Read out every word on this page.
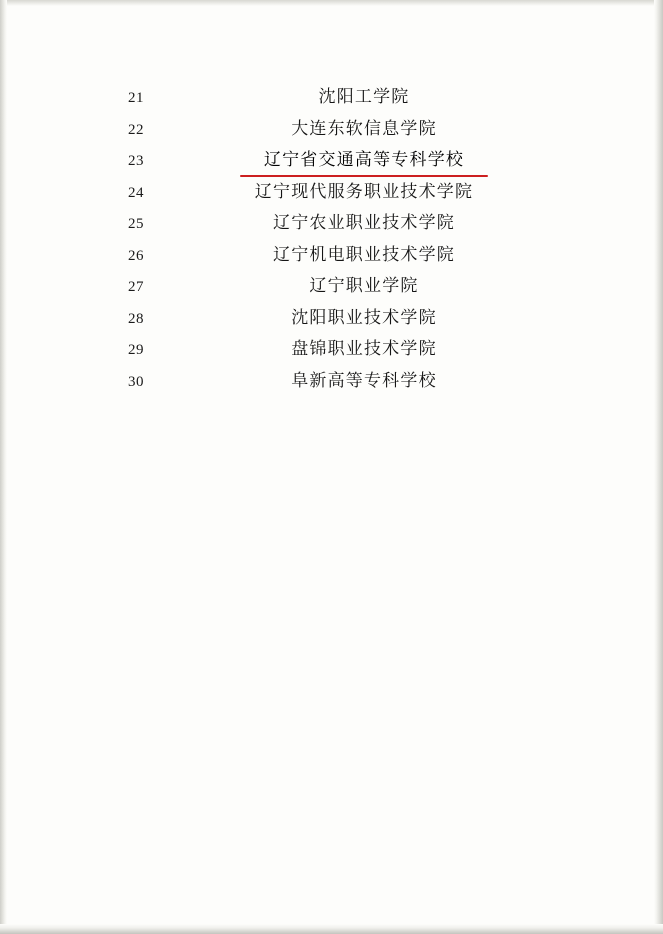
21	沈阳工学院
22	大连东软信息学院
23	辽宁省交通高等专科学校
24	辽宁现代服务职业技术学院
25	辽宁农业职业技术学院
26	辽宁机电职业技术学院
27	辽宁职业学院
28	沈阳职业技术学院
29	盘锦职业技术学院
30	阜新高等专科学校
